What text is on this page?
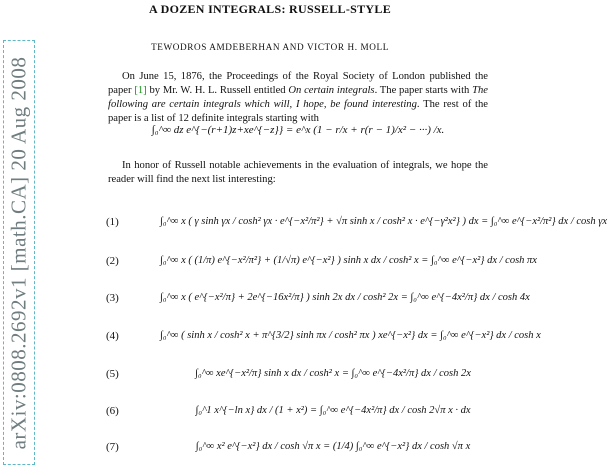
arXiv:0808.2692v1 [math.CA] 20 Aug 2008
A DOZEN INTEGRALS: RUSSELL-STYLE
TEWODROS AMDEBERHAN AND VICTOR H. MOLL

On June 15, 1876, the Proceedings of the Royal Society of London published the paper [1] by Mr. W. H. L. Russell entitled On certain integrals. The paper starts with The following are certain integrals which will, I hope, be found interesting. The rest of the paper is a list of 12 definite integrals starting with

∫₀^∞ dz e^{−(r+1)z+xe^{−z}} = e^x (1 − r/x + r(r − 1)/x² − ···) /x.

In honor of Russell notable achievements in the evaluation of integrals, we hope the reader will find the next list interesting:

(1)	∫₀^∞ x ( γ sinh γx / cosh² γx · e^{−x²/π²} + √π sinh x / cosh² x · e^{−γ²x²} ) dx = ∫₀^∞ e^{−x²/π²} dx / cosh γx
(2)	∫₀^∞ x ( (1/π) e^{−x²/π²} + (1/√π) e^{−x²} ) sinh x dx / cosh² x = ∫₀^∞ e^{−x²} dx / cosh πx
(3)	∫₀^∞ x ( e^{−x²/π} + 2e^{−16x²/π} ) sinh 2x dx / cosh² 2x = ∫₀^∞ e^{−4x²/π} dx / cosh 4x
(4)	∫₀^∞ ( sinh x / cosh² x + π^{3/2} sinh πx / cosh² πx ) xe^{−x²} dx = ∫₀^∞ e^{−x²} dx / cosh x
(5)	∫₀^∞ xe^{−x²/π} sinh x dx / cosh² x = ∫₀^∞ e^{−4x²/π} dx / cosh 2x
(6)	∫₀^1 x^{−ln x} dx / (1 + x²) = ∫₀^∞ e^{−4x²/π} dx / cosh 2√π x · dx
(7)	∫₀^∞ x² e^{−x²} dx / cosh √π x = (1/4) ∫₀^∞ e^{−x²} dx / cosh √π x
